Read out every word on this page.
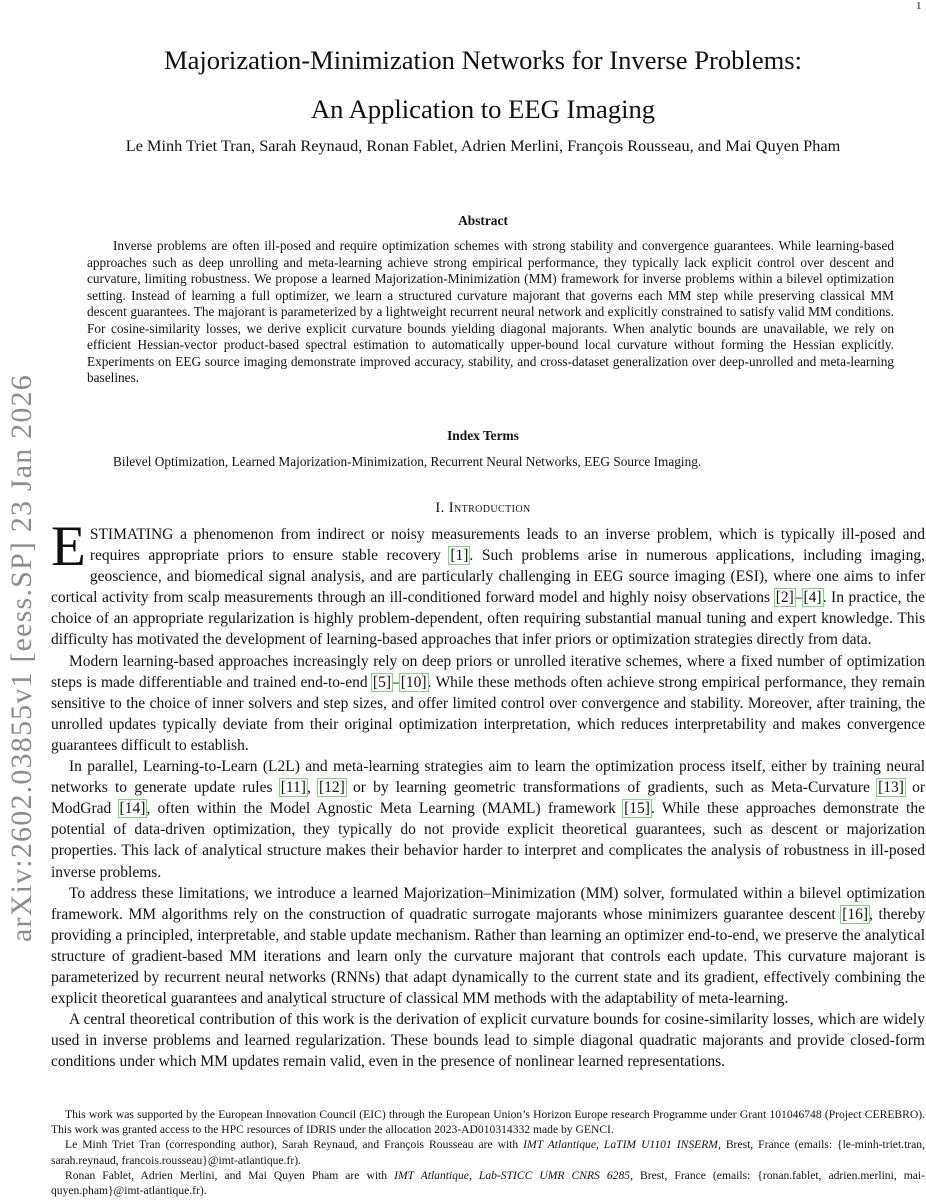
1
arXiv:2602.03855v1 [eess.SP] 23 Jan 2026
Majorization-Minimization Networks for Inverse Problems:
An Application to EEG Imaging
Le Minh Triet Tran, Sarah Reynaud, Ronan Fablet, Adrien Merlini, François Rousseau, and Mai Quyen Pham
Abstract
Inverse problems are often ill-posed and require optimization schemes with strong stability and convergence guarantees. While learning-based approaches such as deep unrolling and meta-learning achieve strong empirical performance, they typically lack explicit control over descent and curvature, limiting robustness. We propose a learned Majorization-Minimization (MM) framework for inverse problems within a bilevel optimization setting. Instead of learning a full optimizer, we learn a structured curvature majorant that governs each MM step while preserving classical MM descent guarantees. The majorant is parameterized by a lightweight recurrent neural network and explicitly constrained to satisfy valid MM conditions. For cosine-similarity losses, we derive explicit curvature bounds yielding diagonal majorants. When analytic bounds are unavailable, we rely on efficient Hessian-vector product-based spectral estimation to automatically upper-bound local curvature without forming the Hessian explicitly. Experiments on EEG source imaging demonstrate improved accuracy, stability, and cross-dataset generalization over deep-unrolled and meta-learning baselines.
Index Terms
Bilevel Optimization, Learned Majorization-Minimization, Recurrent Neural Networks, EEG Source Imaging.
I. Introduction

ESTIMATING a phenomenon from indirect or noisy measurements leads to an inverse problem, which is typically ill-posed and requires appropriate priors to ensure stable recovery [1]. Such problems arise in numerous applications, including imaging, geoscience, and biomedical signal analysis, and are particularly challenging in EEG source imaging (ESI), where one aims to infer cortical activity from scalp measurements through an ill-conditioned forward model and highly noisy observations [2]–[4]. In practice, the choice of an appropriate regularization is highly problem-dependent, often requiring substantial manual tuning and expert knowledge. This difficulty has motivated the development of learning-based approaches that infer priors or optimization strategies directly from data.

Modern learning-based approaches increasingly rely on deep priors or unrolled iterative schemes, where a fixed number of optimization steps is made differentiable and trained end-to-end [5]–[10]. While these methods often achieve strong empirical performance, they remain sensitive to the choice of inner solvers and step sizes, and offer limited control over convergence and stability. Moreover, after training, the unrolled updates typically deviate from their original optimization interpretation, which reduces interpretability and makes convergence guarantees difficult to establish.

In parallel, Learning-to-Learn (L2L) and meta-learning strategies aim to learn the optimization process itself, either by training neural networks to generate update rules [11], [12] or by learning geometric transformations of gradients, such as Meta-Curvature [13] or ModGrad [14], often within the Model Agnostic Meta Learning (MAML) framework [15]. While these approaches demonstrate the potential of data-driven optimization, they typically do not provide explicit theoretical guarantees, such as descent or majorization properties. This lack of analytical structure makes their behavior harder to interpret and complicates the analysis of robustness in ill-posed inverse problems.

To address these limitations, we introduce a learned Majorization–Minimization (MM) solver, formulated within a bilevel optimization framework. MM algorithms rely on the construction of quadratic surrogate majorants whose minimizers guarantee descent [16], thereby providing a principled, interpretable, and stable update mechanism. Rather than learning an optimizer end-to-end, we preserve the analytical structure of gradient-based MM iterations and learn only the curvature majorant that controls each update. This curvature majorant is parameterized by recurrent neural networks (RNNs) that adapt dynamically to the current state and its gradient, effectively combining the explicit theoretical guarantees and analytical structure of classical MM methods with the adaptability of meta-learning.

A central theoretical contribution of this work is the derivation of explicit curvature bounds for cosine-similarity losses, which are widely used in inverse problems and learned regularization. These bounds lead to simple diagonal quadratic majorants and provide closed-form conditions under which MM updates remain valid, even in the presence of nonlinear learned representations.

This work was supported by the European Innovation Council (EIC) through the European Union’s Horizon Europe research Programme under Grant 101046748 (Project CEREBRO). This work was granted access to the HPC resources of IDRIS under the allocation 2023-AD010314332 made by GENCI.

Le Minh Triet Tran (corresponding author), Sarah Reynaud, and François Rousseau are with IMT Atlantique, LaTIM U1101 INSERM, Brest, France (emails: {le-minh-triet.tran, sarah.reynaud, francois.rousseau}@imt-atlantique.fr).

Ronan Fablet, Adrien Merlini, and Mai Quyen Pham are with IMT Atlantique, Lab-STICC UMR CNRS 6285, Brest, France (emails: {ronan.fablet, adrien.merlini, mai-quyen.pham}@imt-atlantique.fr).
